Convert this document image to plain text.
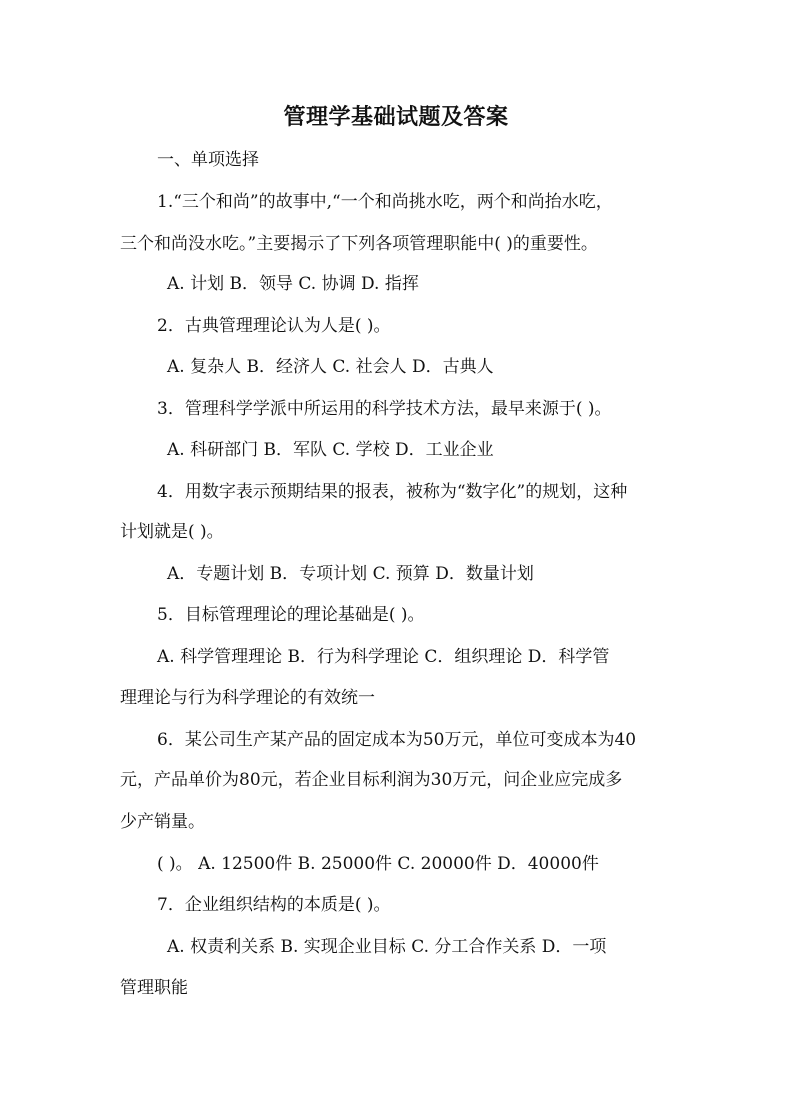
管理学基础试题及答案
一、单项选择
1.“三个和尚”的故事中,“一个和尚挑水吃，两个和尚抬水吃，
三个和尚没水吃。”主要揭示了下列各项管理职能中( )的重要性。
A. 计划 B．领导 C. 协调 D. 指挥
2．古典管理理论认为人是( )。
A. 复杂人 B．经济人 C. 社会人 D．古典人
3．管理科学学派中所运用的科学技术方法，最早来源于( )。
A. 科研部门 B．军队 C. 学校 D．工业企业
4．用数字表示预期结果的报表，被称为“数字化”的规划，这种
计划就是( )。
A．专题计划 B．专项计划 C. 预算 D．数量计划
5．目标管理理论的理论基础是( )。
A. 科学管理理论 B．行为科学理论 C．组织理论 D．科学管
理理论与行为科学理论的有效统一
6．某公司生产某产品的固定成本为50万元，单位可变成本为40
元，产品单价为80元，若企业目标利润为30万元，问企业应完成多
少产销量。
( )。 A. 12500件 B. 25000件 C. 20000件 D．40000件
7．企业组织结构的本质是( )。
A. 权责利关系 B. 实现企业目标 C. 分工合作关系 D．一项
管理职能
